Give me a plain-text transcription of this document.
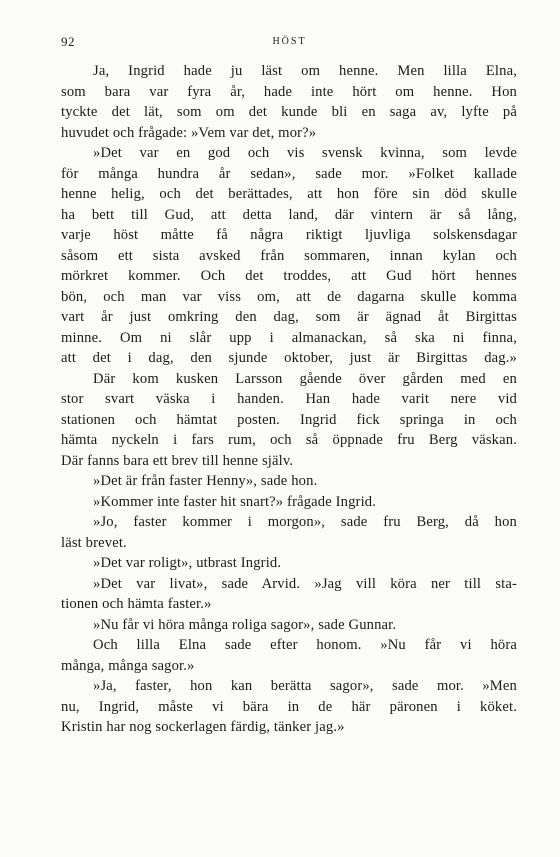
92	HÖST
Ja, Ingrid hade ju läst om henne. Men lilla Elna,
som bara var fyra år, hade inte hört om henne. Hon
tyckte det lät, som om det kunde bli en saga av, lyfte på
huvudet och frågade: »Vem var det, mor?»
»Det var en god och vis svensk kvinna, som levde
för många hundra år sedan», sade mor. »Folket kallade
henne helig, och det berättades, att hon före sin död skulle
ha bett till Gud, att detta land, där vintern är så lång,
varje höst måtte få några riktigt ljuvliga solskensdagar
såsom ett sista avsked från sommaren, innan kylan och
mörkret kommer. Och det troddes, att Gud hört hennes
bön, och man var viss om, att de dagarna skulle komma
vart år just omkring den dag, som är ägnad åt Birgittas
minne. Om ni slår upp i almanackan, så ska ni finna,
att det i dag, den sjunde oktober, just är Birgittas dag.»
Där kom kusken Larsson gående över gården med en
stor svart väska i handen. Han hade varit nere vid
stationen och hämtat posten. Ingrid fick springa in och
hämta nyckeln i fars rum, och så öppnade fru Berg väskan.
Där fanns bara ett brev till henne själv.
»Det är från faster Henny», sade hon.
»Kommer inte faster hit snart?» frågade Ingrid.
»Jo, faster kommer i morgon», sade fru Berg, då hon
läst brevet.
»Det var roligt», utbrast Ingrid.
»Det var livat», sade Arvid. »Jag vill köra ner till sta-
tionen och hämta faster.»
»Nu får vi höra många roliga sagor», sade Gunnar.
Och lilla Elna sade efter honom. »Nu får vi höra
många, många sagor.»
»Ja, faster, hon kan berätta sagor», sade mor. »Men
nu, Ingrid, måste vi bära in de här päronen i köket.
Kristin har nog sockerlagen färdig, tänker jag.»
